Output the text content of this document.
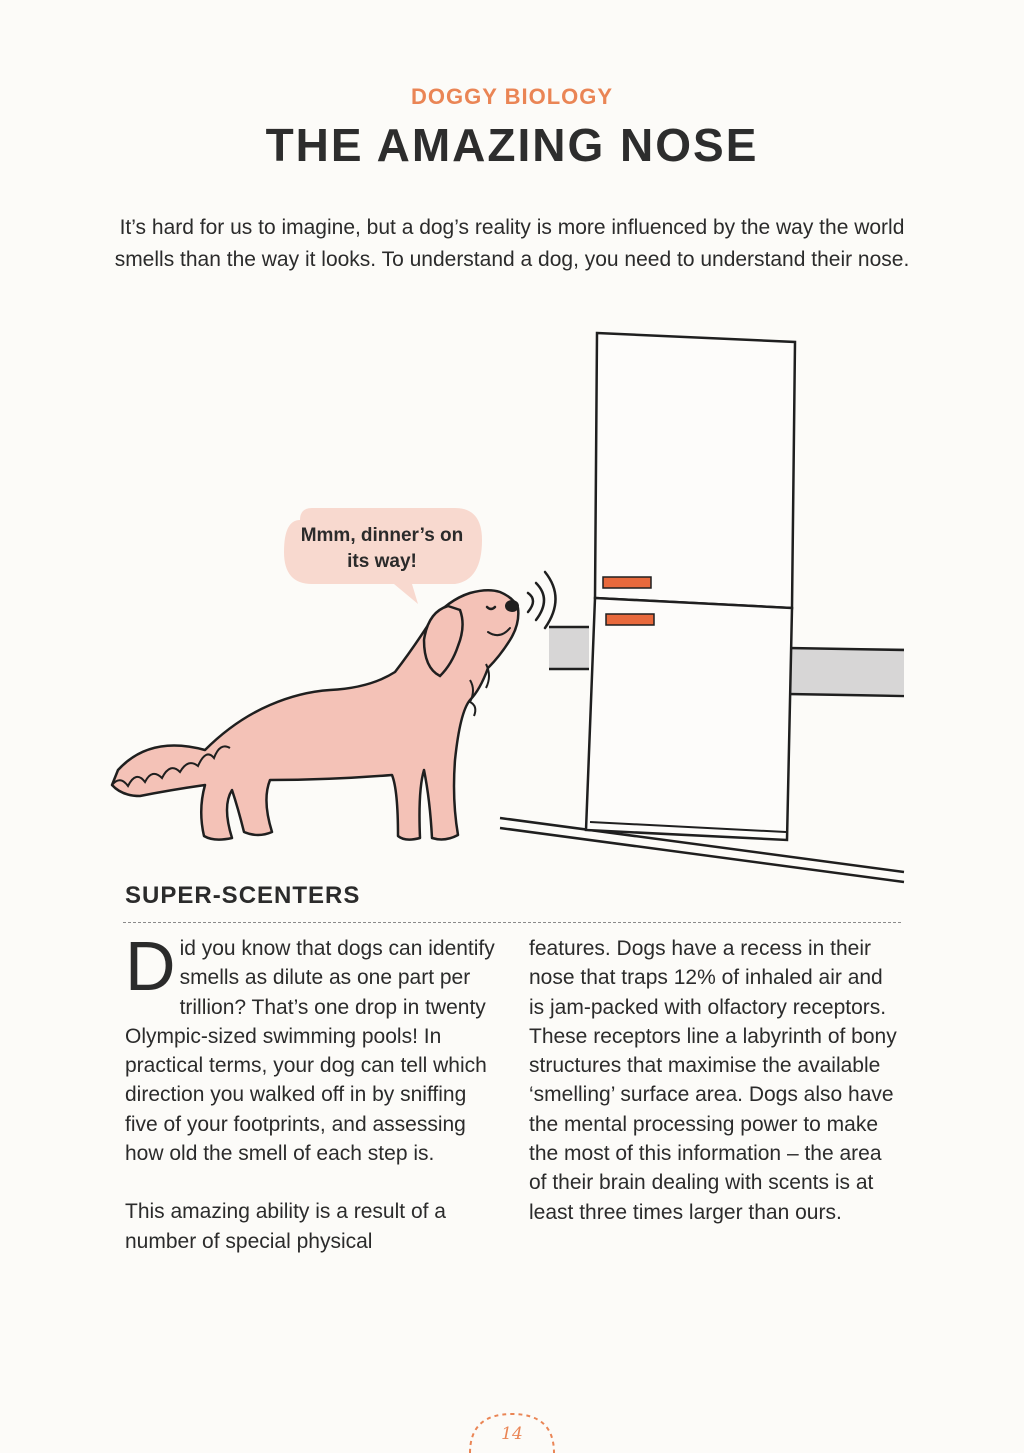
DOGGY BIOLOGY
THE AMAZING NOSE
It’s hard for us to imagine, but a dog’s reality is more influenced by the way the world smells than the way it looks. To understand a dog, you need to understand their nose.
Mmm, dinner’s on its way!
SUPER-SCENTERS

Did you know that dogs can identify smells as dilute as one part per trillion? That’s one drop in twenty Olympic-sized swimming pools! In practical terms, your dog can tell which direction you walked off in by sniffing five of your footprints, and assessing how old the smell of each step is.

This amazing ability is a result of a number of special physical

features. Dogs have a recess in their nose that traps 12% of inhaled air and is jam-packed with olfactory receptors. These receptors line a labyrinth of bony structures that maximise the available ‘smelling’ surface area. Dogs also have the mental processing power to make the most of this information – the area of their brain dealing with scents is at least three times larger than ours.

14
